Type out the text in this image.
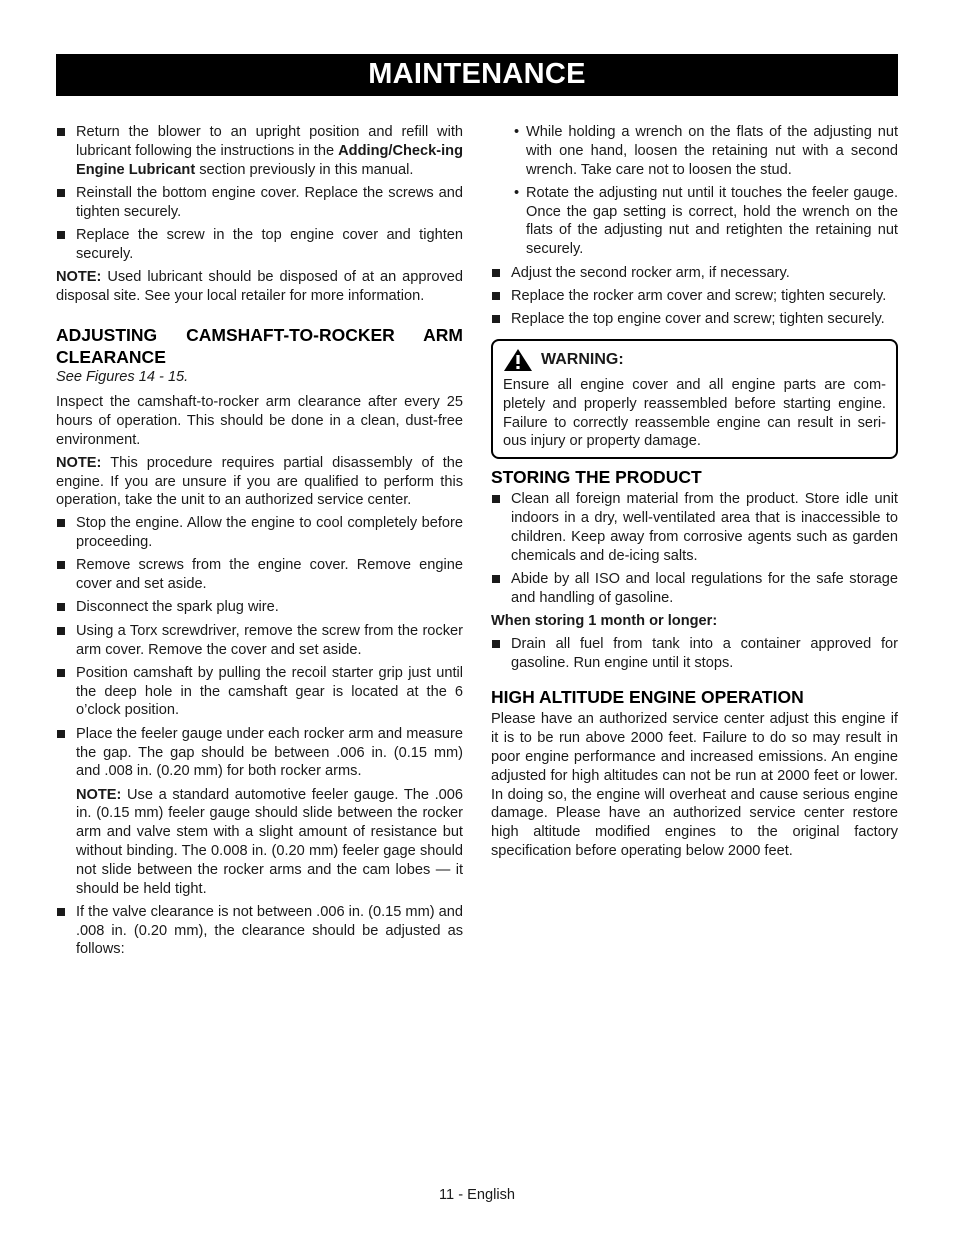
MAINTENANCE
Return the blower to an upright position and refill with lubricant following the instructions in the Adding/Check-ing Engine Lubricant section previously in this manual.
Reinstall the bottom engine cover. Replace the screws and tighten securely.
Replace the screw in the top engine cover and tighten securely.

NOTE: Used lubricant should be disposed of at an approved disposal site. See your local retailer for more information.

ADJUSTING CAMSHAFT-TO-ROCKER ARM CLEARANCE

See Figures 14 - 15.

Inspect the camshaft-to-rocker arm clearance after every 25 hours of operation. This should be done in a clean, dust-free environment.

NOTE: This procedure requires partial disassembly of the engine. If you are unsure if you are qualified to perform this operation, take the unit to an authorized service center.

Stop the engine. Allow the engine to cool completely before proceeding.
Remove screws from the engine cover. Remove engine cover and set aside.
Disconnect the spark plug wire.
Using a Torx screwdriver, remove the screw from the rocker arm cover. Remove the cover and set aside.
Position camshaft by pulling the recoil starter grip just until the deep hole in the camshaft gear is located at the 6 o’clock position.
Place the feeler gauge under each rocker arm and measure the gap. The gap should be between .006 in. (0.15 mm) and .008 in. (0.20 mm) for both rocker arms.

NOTE: Use a standard automotive feeler gauge. The .006 in. (0.15 mm) feeler gauge should slide between the rocker arm and valve stem with a slight amount of resistance but without binding. The 0.008 in. (0.20 mm) feeler gage should not slide between the rocker arms and the cam lobes — it should be held tight.

If the valve clearance is not between .006 in. (0.15 mm) and .008 in. (0.20 mm), the clearance should be adjusted as follows:
• While holding a wrench on the flats of the adjusting nut with one hand, loosen the retaining nut with a second wrench. Take care not to loosen the stud.
• Rotate the adjusting nut until it touches the feeler gauge. Once the gap setting is correct, hold the wrench on the flats of the adjusting nut and retighten the retaining nut securely.
Adjust the second rocker arm, if necessary.
Replace the rocker arm cover and screw; tighten securely.
Replace the top engine cover and screw; tighten securely.
WARNING:

Ensure all engine cover and all engine parts are com-pletely and properly reassembled before starting engine. Failure to correctly reassemble engine can result in seri-ous injury or property damage.

STORING THE PRODUCT
Clean all foreign material from the product. Store idle unit indoors in a dry, well-ventilated area that is inaccessible to children. Keep away from corrosive agents such as garden chemicals and de-icing salts.
Abide by all ISO and local regulations for the safe storage and handling of gasoline.

When storing 1 month or longer:

Drain all fuel from tank into a container approved for gasoline. Run engine until it stops.
HIGH ALTITUDE ENGINE OPERATION

Please have an authorized service center adjust this engine if it is to be run above 2000 feet. Failure to do so may result in poor engine performance and increased emissions. An engine adjusted for high altitudes can not be run at 2000 feet or lower. In doing so, the engine will overheat and cause serious engine damage. Please have an authorized service center restore high altitude modified engines to the original factory specification before operating below 2000 feet.

11 - English
